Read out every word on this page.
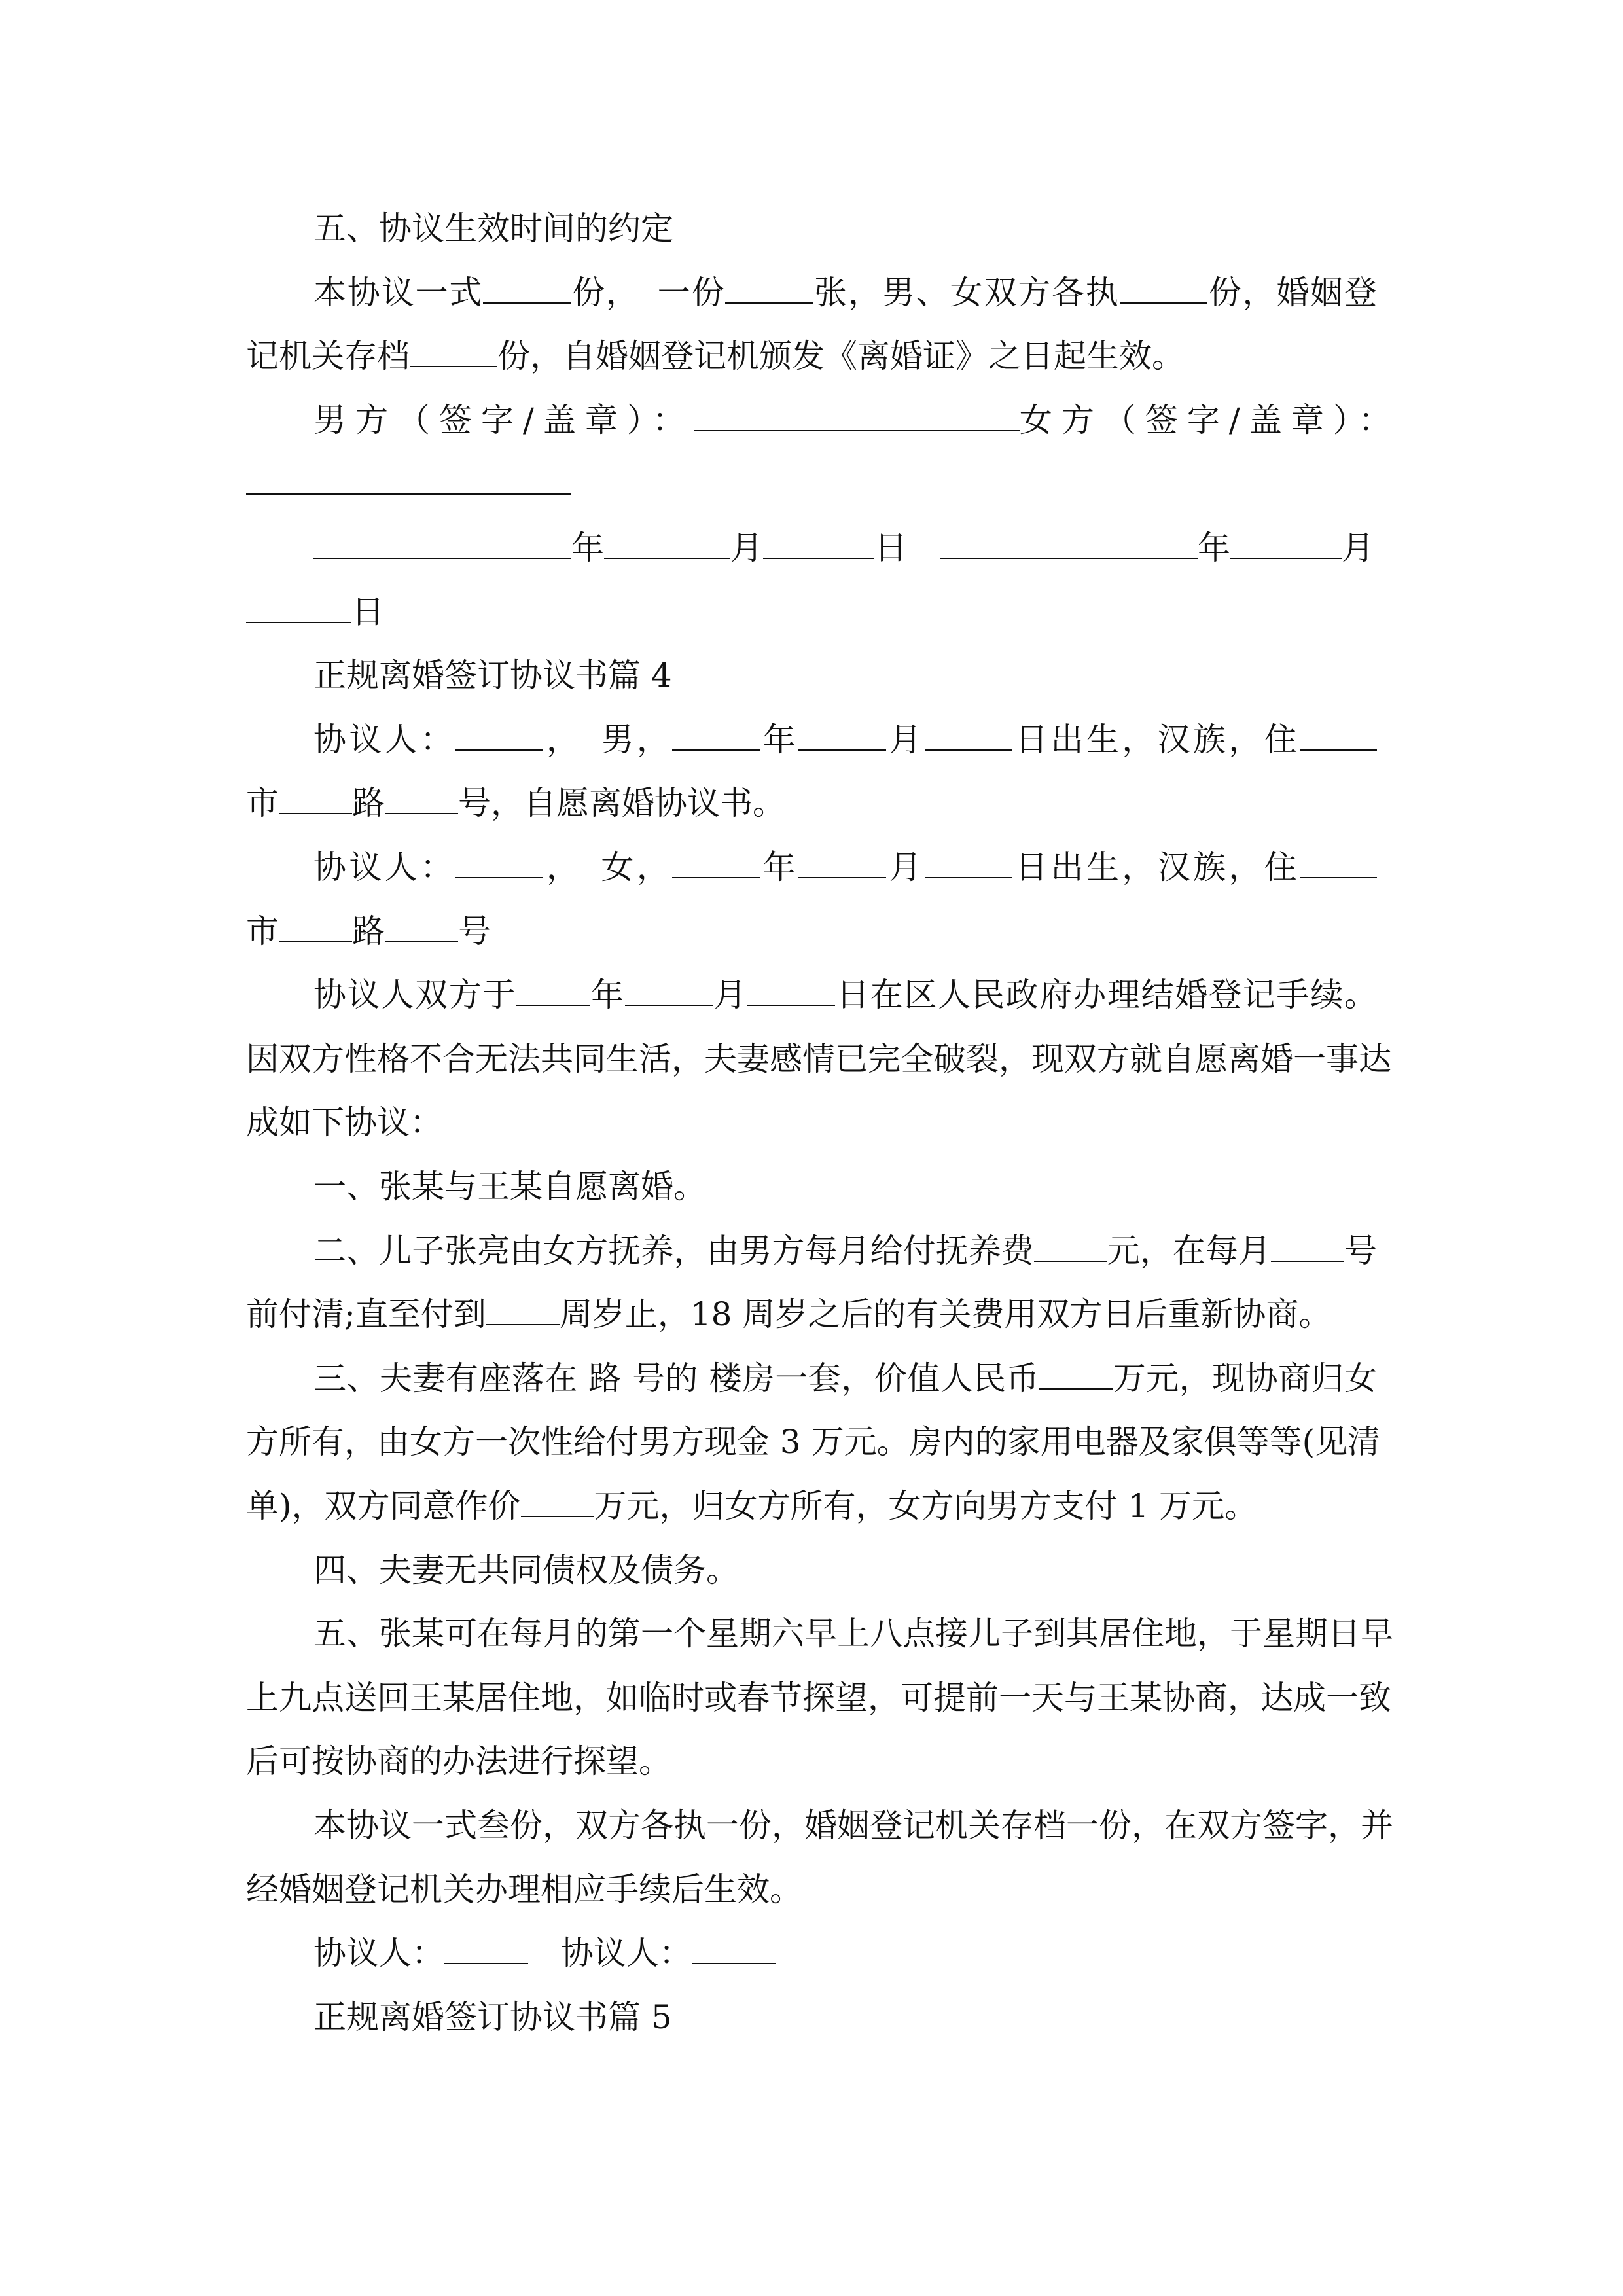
五、协议生效时间的约定
本协议一式	份，　一份	张，男、女双方各执	份，婚姻登
记机关存档	份，自婚姻登记机颁发《离婚证》之日起生效。
男方（签字/盖章）：	女方（签字/盖章）：
年	月	日 	年	月
日
正规离婚签订协议书篇 4
协议人：	，　男，	年	月	日出生，汉族，住
市 路 号，自愿离婚协议书。
协议人：	，　女，	年	月	日出生，汉族，住
市 路 号
协议人双方于 年	月	日在区人民政府办理结婚登记手续。
因双方性格不合无法共同生活，夫妻感情已完全破裂，现双方就自愿离婚一事达
成如下协议：
一、张某与王某自愿离婚。
二、儿子张亮由女方抚养，由男方每月给付抚养费 元，在每月 号
前付清;直至付到 周岁止，18 周岁之后的有关费用双方日后重新协商。
三、夫妻有座落在 路 号的 楼房一套，价值人民币 万元，现协商归女
方所有，由女方一次性给付男方现金 3 万元。房内的家用电器及家俱等等(见清
单)，双方同意作价 万元，归女方所有，女方向男方支付 1 万元。
四、夫妻无共同债权及债务。
五、张某可在每月的第一个星期六早上八点接儿子到其居住地，于星期日早
上九点送回王某居住地，如临时或春节探望，可提前一天与王某协商，达成一致
后可按协商的办法进行探望。
本协议一式叁份，双方各执一份，婚姻登记机关存档一份，在双方签字，并
经婚姻登记机关办理相应手续后生效。
协议人：	　协议人：
正规离婚签订协议书篇 5
